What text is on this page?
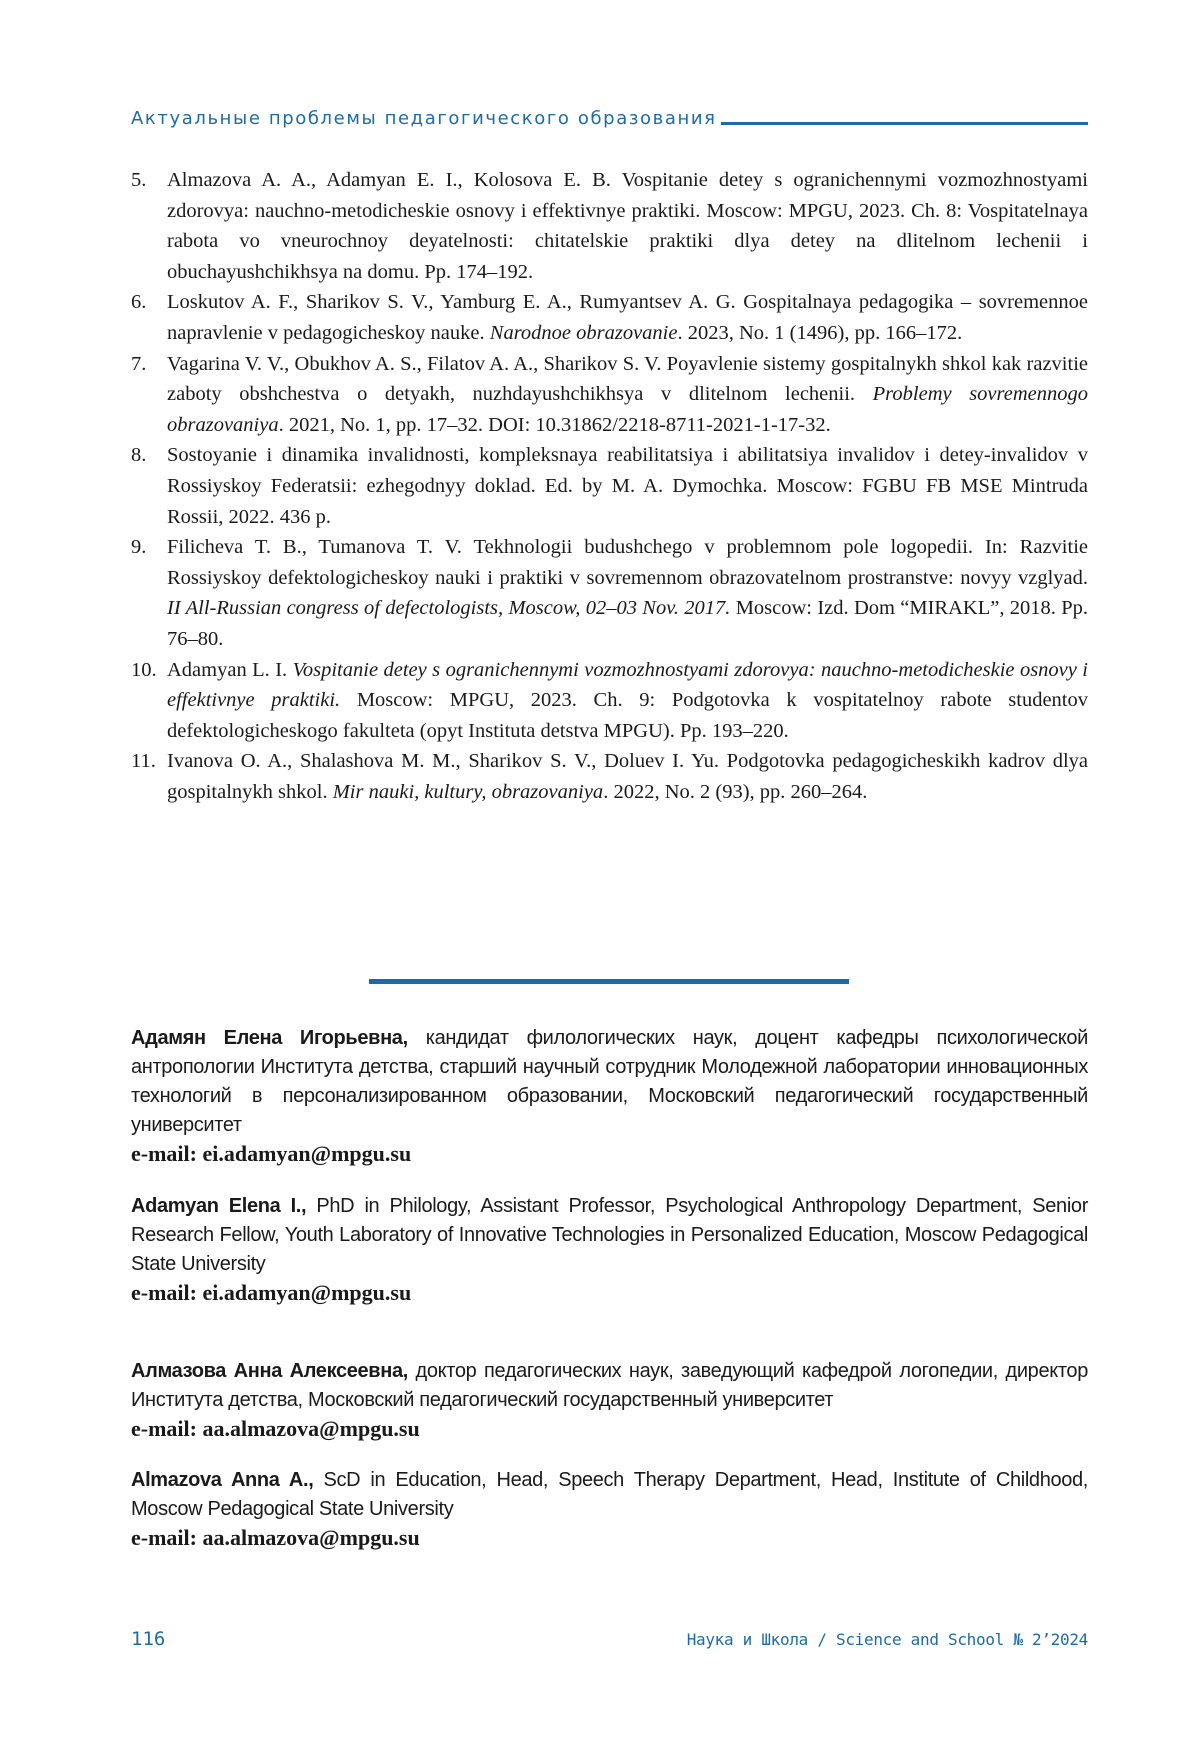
Актуальные проблемы педагогического образования
5. Almazova A. A., Adamyan E. I., Kolosova E. B. Vospitanie detey s ogranichennymi vozmozhnostyami zdorovya: nauchno-metodicheskie osnovy i effektivnye praktiki. Moscow: MPGU, 2023. Ch. 8: Vospitatelnaya rabota vo vneurochnoy deyatelnosti: chitatelskie praktiki dlya detey na dlitelnom lechenii i obuchayushchikhsya na domu. Pp. 174–192.
6. Loskutov A. F., Sharikov S. V., Yamburg E. A., Rumyantsev A. G. Gospitalnaya pedagogika – sovremennoe napravlenie v pedagogicheskoy nauke. Narodnoe obrazovanie. 2023, No. 1 (1496), pp. 166–172.
7. Vagarina V. V., Obukhov A. S., Filatov A. A., Sharikov S. V. Poyavlenie sistemy gospitalnykh shkol kak razvitie zaboty obshchestva o detyakh, nuzhdayushchikhsya v dlitelnom lechenii. Problemy sovremennogo obrazovaniya. 2021, No. 1, pp. 17–32. DOI: 10.31862/2218-8711-2021-1-17-32.
8. Sostoyanie i dinamika invalidnosti, kompleksnaya reabilitatsiya i abilitatsiya invalidov i detey-invalidov v Rossiyskoy Federatsii: ezhegodnyy doklad. Ed. by M. A. Dymochka. Moscow: FGBU FB MSE Mintruda Rossii, 2022. 436 p.
9. Filicheva T. B., Tumanova T. V. Tekhnologii budushchego v problemnom pole logopedii. In: Razvitie Rossiyskoy defektologicheskoy nauki i praktiki v sovremennom obrazovatelnom prostranstve: novyy vzglyad. II All-Russian congress of defectologists, Moscow, 02–03 Nov. 2017. Moscow: Izd. Dom “MIRAKL”, 2018. Pp. 76–80.
10. Adamyan L. I. Vospitanie detey s ogranichennymi vozmozhnostyami zdorovya: nauchno-metodicheskie osnovy i effektivnye praktiki. Moscow: MPGU, 2023. Ch. 9: Podgotovka k vospitatelnoy rabote studentov defektologicheskogo fakulteta (opyt Instituta detstva MPGU). Pp. 193–220.
11. Ivanova O. A., Shalashova M. M., Sharikov S. V., Doluev I. Yu. Podgotovka pedagogicheskikh kadrov dlya gospitalnykh shkol. Mir nauki, kultury, obrazovaniya. 2022, No. 2 (93), pp. 260–264.

Адамян Елена Игорьевна, кандидат филологических наук, доцент кафедры психологической антропологии Института детства, старший научный сотрудник Молодежной лаборатории инновационных технологий в персонализированном образовании, Московский педагогический государственный университет

e-mail: ei.adamyan@mpgu.su

Adamyan Elena I., PhD in Philology, Assistant Professor, Psychological Anthropology Department, Senior Research Fellow, Youth Laboratory of Innovative Technologies in Personalized Education, Moscow Pedagogical State University

e-mail: ei.adamyan@mpgu.su

Алмазова Анна Алексеевна, доктор педагогических наук, заведующий кафедрой логопедии, директор Института детства, Московский педагогический государственный университет

e-mail: aa.almazova@mpgu.su

Almazova Anna A., ScD in Education, Head, Speech Therapy Department, Head, Institute of Childhood, Moscow Pedagogical State University

e-mail: aa.almazova@mpgu.su

116	Наука и Школа / Science and School № 2’2024
